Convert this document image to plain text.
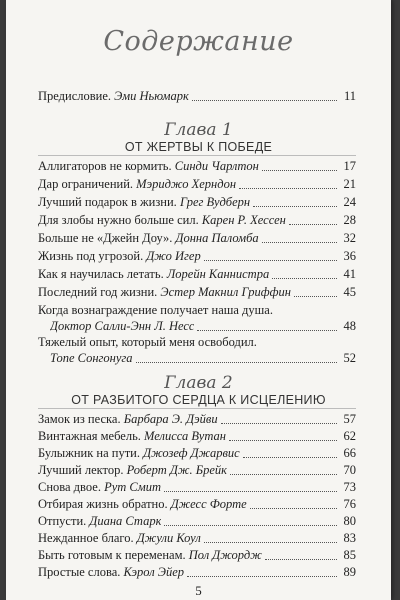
Содержание
Предисловие. Эми Ньюмарк	11
Глава 1
ОТ ЖЕРТВЫ К ПОБЕДЕ
Аллигаторов не кормить. Синди Чарлтон	17
Дар ограничений. Мэриджо Херндон	21
Лучший подарок в жизни. Грег Вудберн	24
Для злобы нужно больше сил. Карен Р. Хессен	28
Больше не «Джейн Доу». Донна Паломба	32
Жизнь под угрозой. Джо Игер	36
Как я научилась летать. Лорейн Каннистра	41
Последний год жизни. Эстер Макнил Гриффин	45
Когда вознаграждение получает наша душа.
Доктор Салли-Энн Л. Несс	48
Тяжелый опыт, который меня освободил.
Топе Сонгонуга	52
Глава 2
ОТ РАЗБИТОГО СЕРДЦА К ИСЦЕЛЕНИЮ
Замок из песка. Барбара Э. Дэйви	57
Винтажная мебель. Мелисса Вутан	62
Булыжник на пути. Джозеф Джарвис	66
Лучший лектор. Роберт Дж. Брейк	70
Снова двое. Рут Смит	73
Отбирая жизнь обратно. Джесс Форте	76
Отпусти. Диана Старк	80
Нежданное благо. Джули Коул	83
Быть готовым к переменам. Пол Джордж	85
Простые слова. Кэрол Эйер	89
5
